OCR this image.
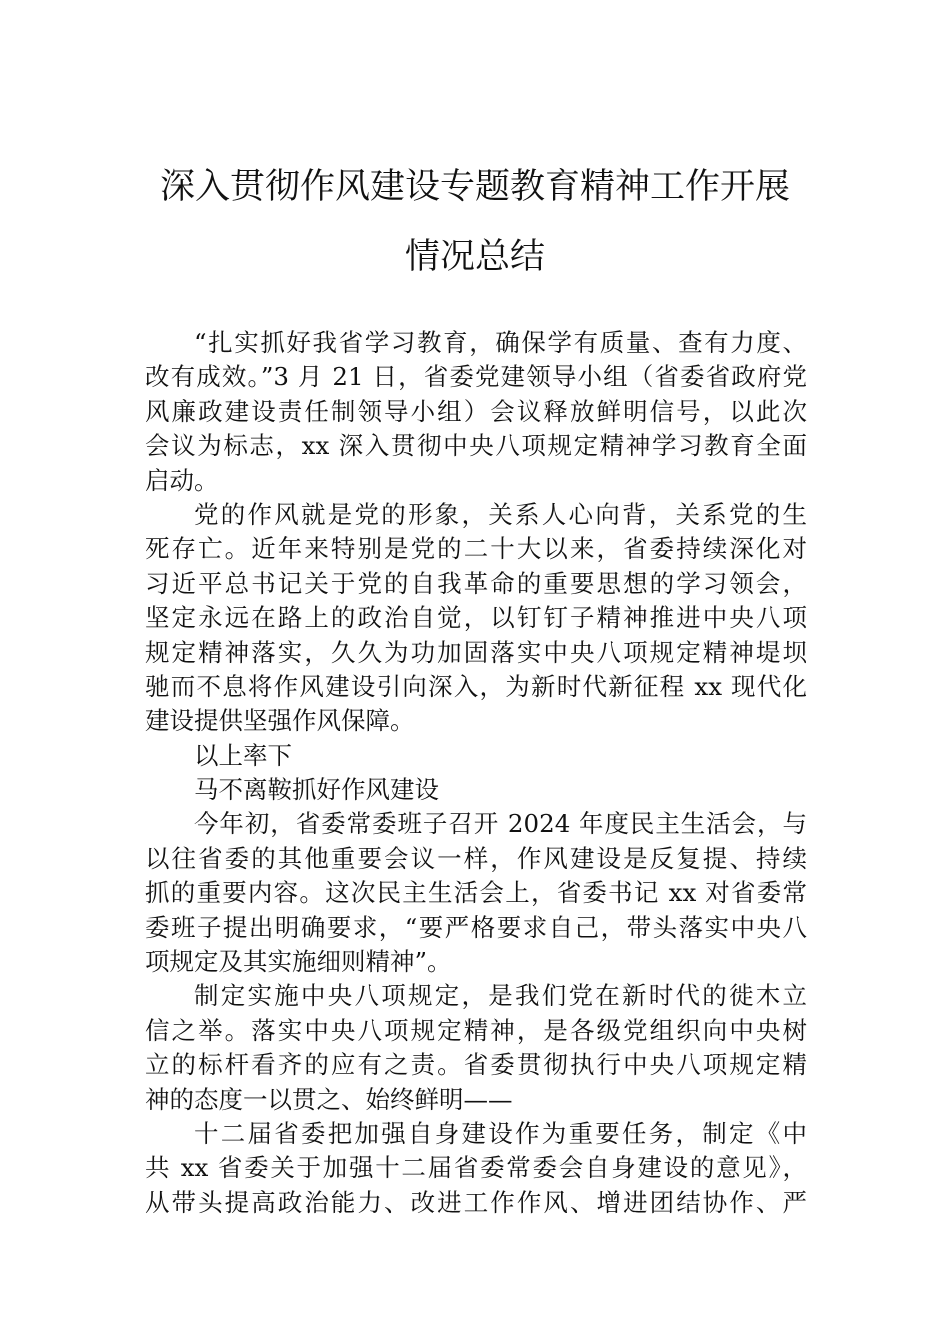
深入贯彻作风建设专题教育精神工作开展
情况总结
“扎实抓好我省学习教育，确保学有质量、查有力度、
改有成效。”3 月 21 日，省委党建领导小组（省委省政府党
风廉政建设责任制领导小组）会议释放鲜明信号，以此次
会议为标志，xx 深入贯彻中央八项规定精神学习教育全面
启动。
党的作风就是党的形象，关系人心向背，关系党的生
死存亡。近年来特别是党的二十大以来，省委持续深化对
习近平总书记关于党的自我革命的重要思想的学习领会，
坚定永远在路上的政治自觉，以钉钉子精神推进中央八项
规定精神落实，久久为功加固落实中央八项规定精神堤坝
驰而不息将作风建设引向深入，为新时代新征程 xx 现代化
建设提供坚强作风保障。
以上率下
马不离鞍抓好作风建设
今年初，省委常委班子召开 2024 年度民主生活会，与
以往省委的其他重要会议一样，作风建设是反复提、持续
抓的重要内容。这次民主生活会上，省委书记 xx 对省委常
委班子提出明确要求，“要严格要求自己，带头落实中央八
项规定及其实施细则精神”。
制定实施中央八项规定，是我们党在新时代的徙木立
信之举。落实中央八项规定精神，是各级党组织向中央树
立的标杆看齐的应有之责。省委贯彻执行中央八项规定精
神的态度一以贯之、始终鲜明——
十二届省委把加强自身建设作为重要任务，制定《中
共 xx 省委关于加强十二届省委常委会自身建设的意见》，
从带头提高政治能力、改进工作作风、增进团结协作、严
